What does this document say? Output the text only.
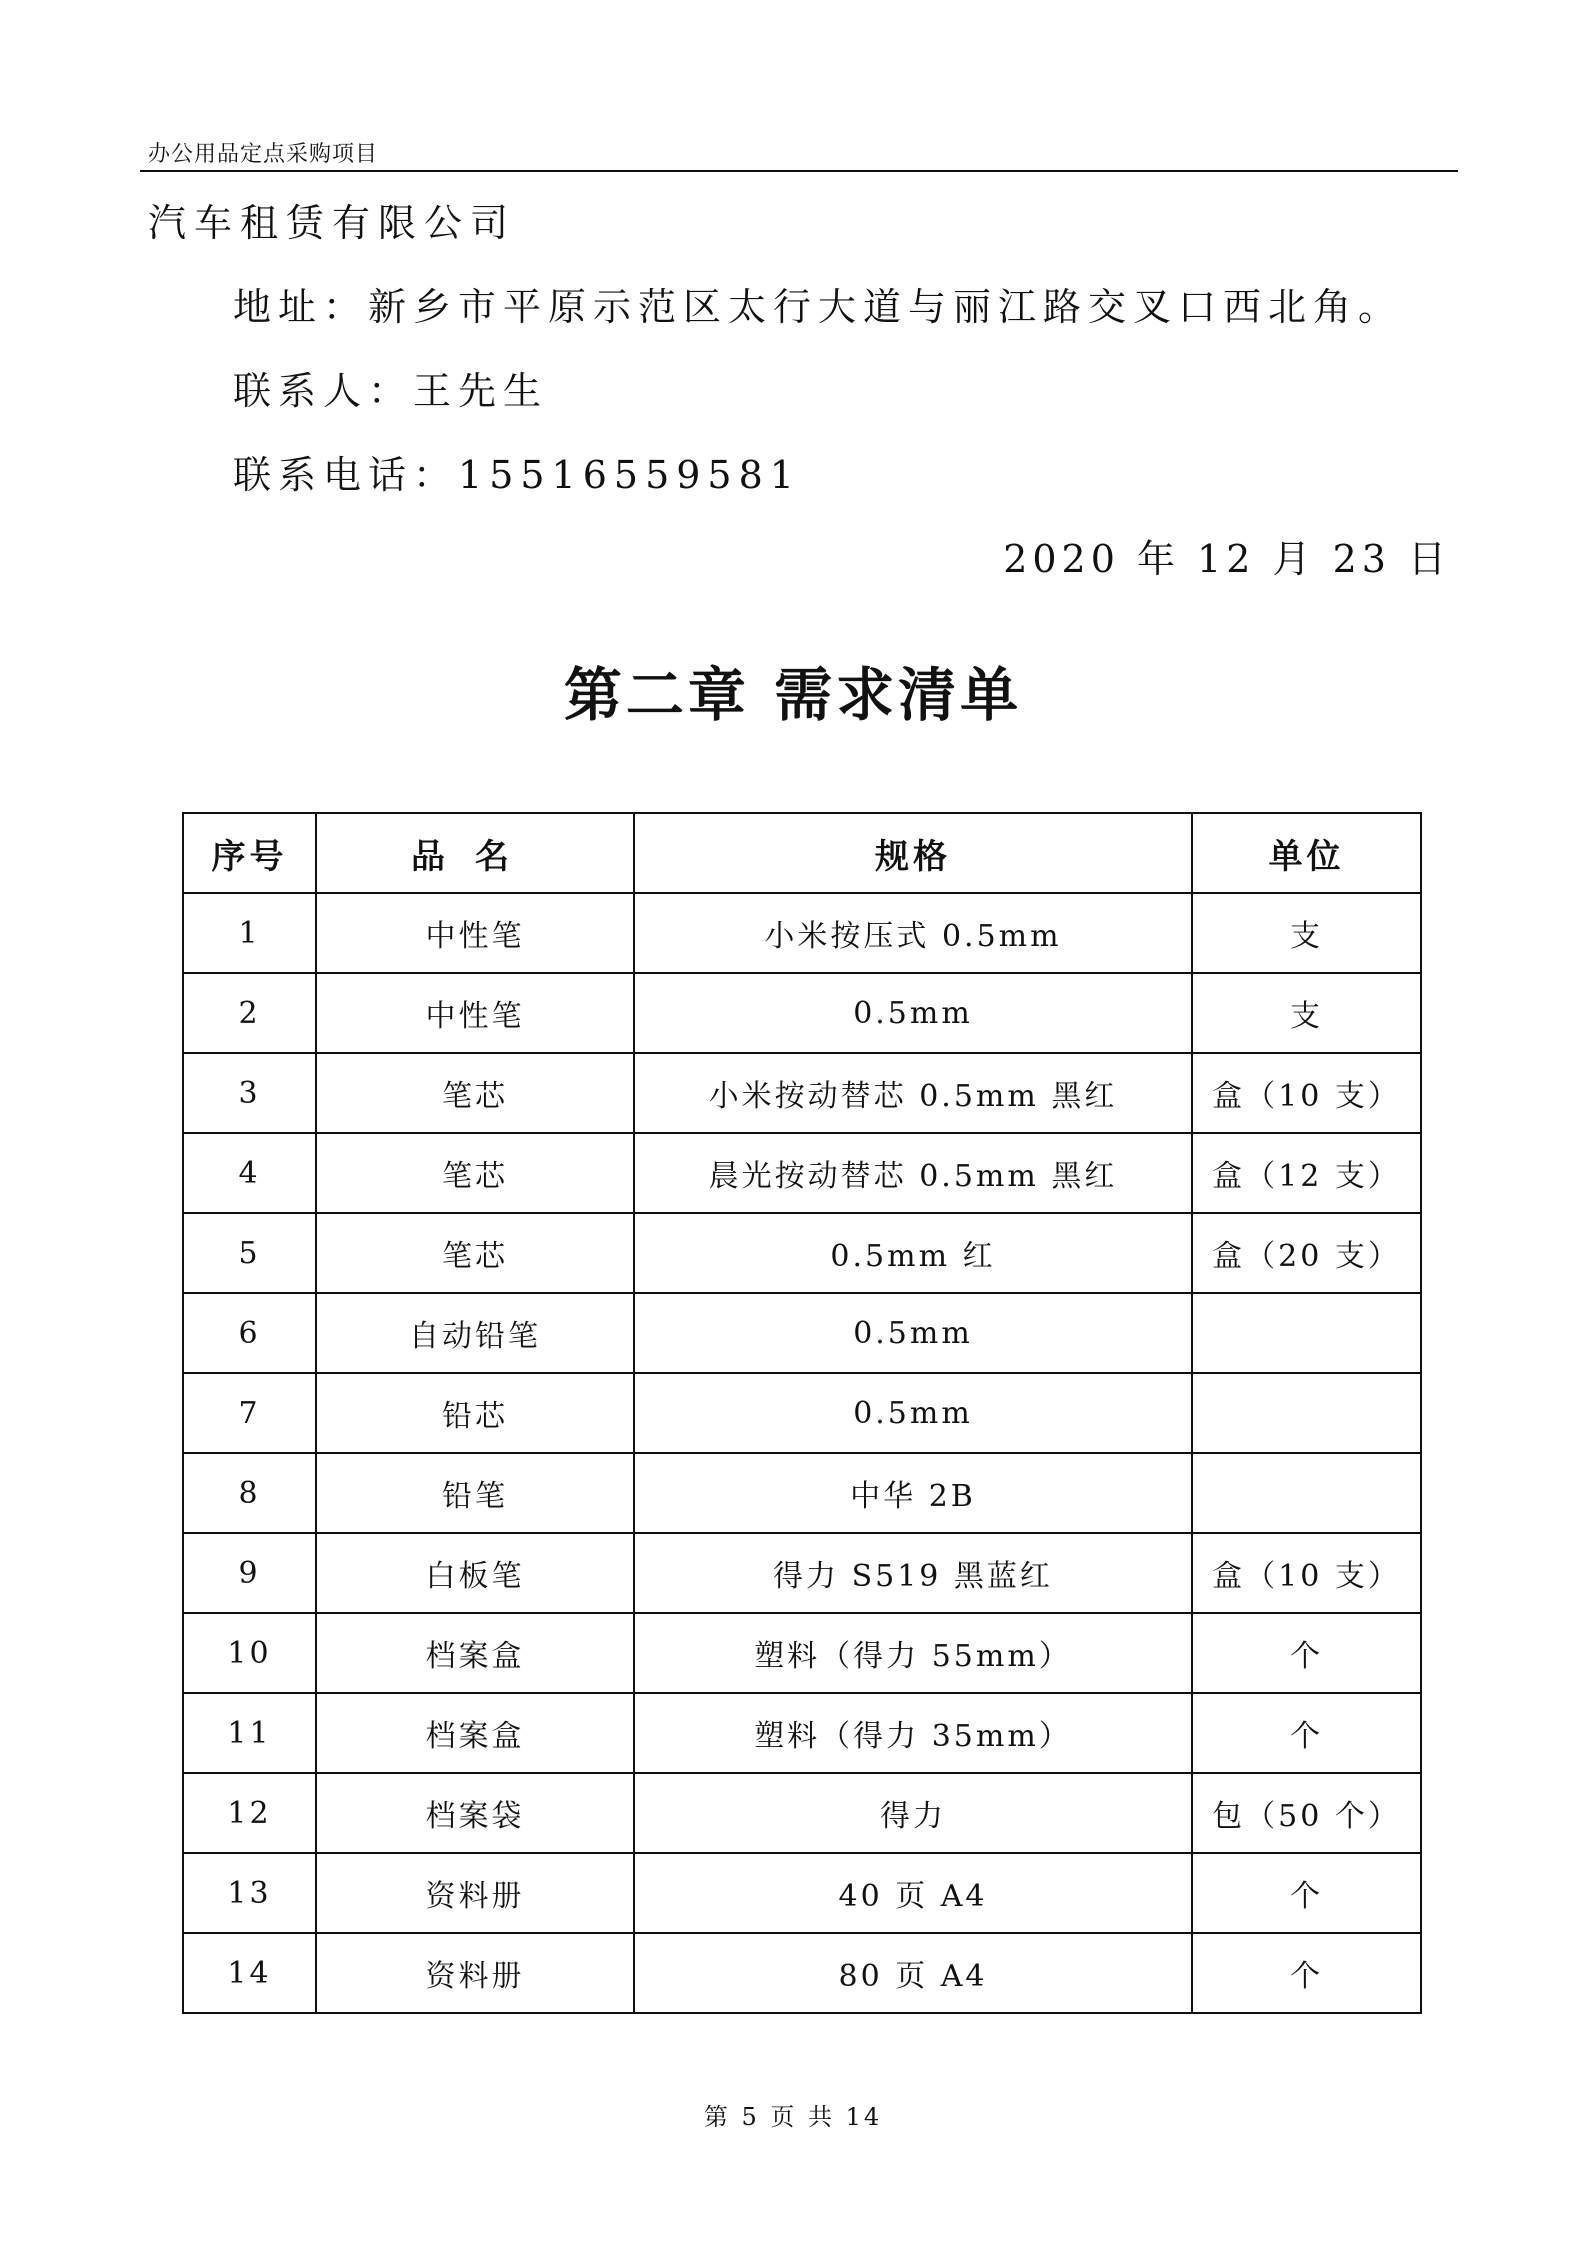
办公用品定点采购项目
汽车租赁有限公司
地址：新乡市平原示范区太行大道与丽江路交叉口西北角。
联系人：王先生
联系电话：15516559581
2020 年 12 月 23 日
第二章 需求清单
序号	品名	规格	单位
1	中性笔	小米按压式 0.5mm	支
2	中性笔	0.5mm	支
3	笔芯	小米按动替芯 0.5mm 黑红	盒（10 支）
4	笔芯	晨光按动替芯 0.5mm 黑红	盒（12 支）
5	笔芯	0.5mm 红	盒（20 支）
6	自动铅笔	0.5mm	
7	铅芯	0.5mm	
8	铅笔	中华 2B	
9	白板笔	得力 S519 黑蓝红	盒（10 支）
10	档案盒	塑料（得力 55mm）	个
11	档案盒	塑料（得力 35mm）	个
12	档案袋	得力	包（50 个）
13	资料册	40 页 A4	个
14	资料册	80 页 A4	个
第 5 页 共 14
